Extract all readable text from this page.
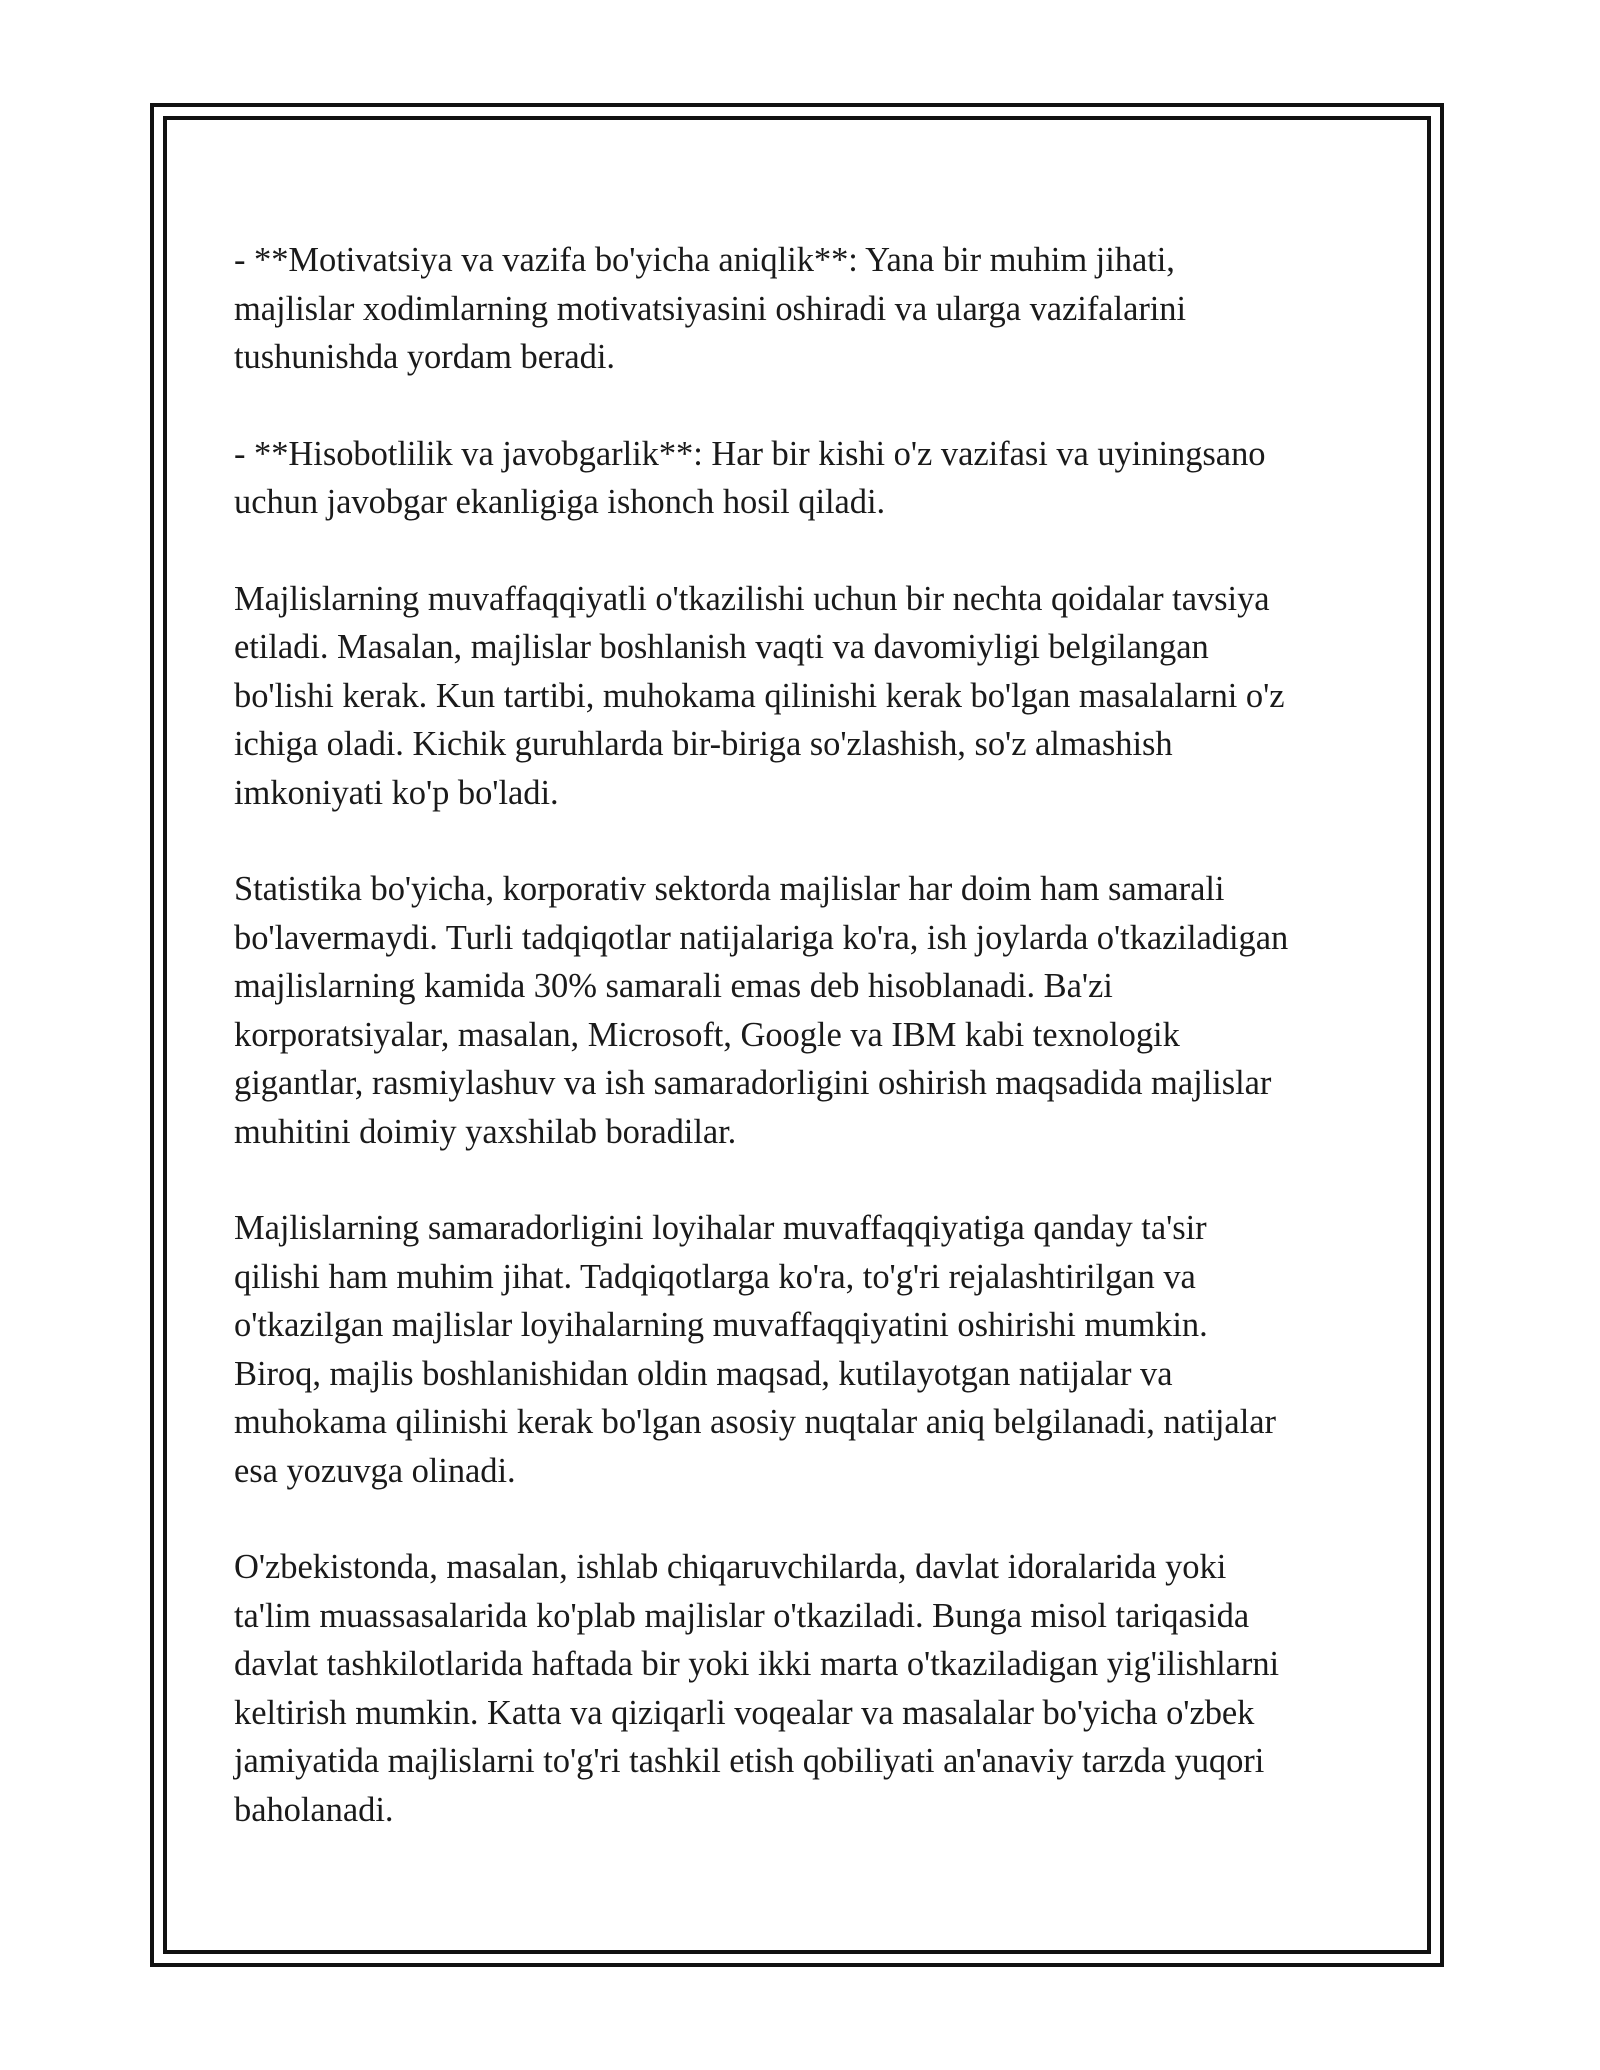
- **Motivatsiya va vazifa bo'yicha aniqlik**: Yana bir muhim jihati,
majlislar xodimlarning motivatsiyasini oshiradi va ularga vazifalarini
tushunishda yordam beradi.

- **Hisobotlilik va javobgarlik**: Har bir kishi o'z vazifasi va uyiningsano
uchun javobgar ekanligiga ishonch hosil qiladi.

Majlislarning muvaffaqqiyatli o'tkazilishi uchun bir nechta qoidalar tavsiya
etiladi. Masalan, majlislar boshlanish vaqti va davomiyligi belgilangan
bo'lishi kerak. Kun tartibi, muhokama qilinishi kerak bo'lgan masalalarni o'z
ichiga oladi. Kichik guruhlarda bir-biriga so'zlashish, so'z almashish
imkoniyati ko'p bo'ladi.

Statistika bo'yicha, korporativ sektorda majlislar har doim ham samarali
bo'lavermaydi. Turli tadqiqotlar natijalariga ko'ra, ish joylarda o'tkaziladigan
majlislarning kamida 30% samarali emas deb hisoblanadi. Ba'zi
korporatsiyalar, masalan, Microsoft, Google va IBM kabi texnologik
gigantlar, rasmiylashuv va ish samaradorligini oshirish maqsadida majlislar
muhitini doimiy yaxshilab boradilar.

Majlislarning samaradorligini loyihalar muvaffaqqiyatiga qanday ta'sir
qilishi ham muhim jihat. Tadqiqotlarga ko'ra, to'g'ri rejalashtirilgan va
o'tkazilgan majlislar loyihalarning muvaffaqqiyatini oshirishi mumkin.
Biroq, majlis boshlanishidan oldin maqsad, kutilayotgan natijalar va
muhokama qilinishi kerak bo'lgan asosiy nuqtalar aniq belgilanadi, natijalar
esa yozuvga olinadi.

O'zbekistonda, masalan, ishlab chiqaruvchilarda, davlat idoralarida yoki
ta'lim muassasalarida ko'plab majlislar o'tkaziladi. Bunga misol tariqasida
davlat tashkilotlarida haftada bir yoki ikki marta o'tkaziladigan yig'ilishlarni
keltirish mumkin. Katta va qiziqarli voqealar va masalalar bo'yicha o'zbek
jamiyatida majlislarni to'g'ri tashkil etish qobiliyati an'anaviy tarzda yuqori
baholanadi.
